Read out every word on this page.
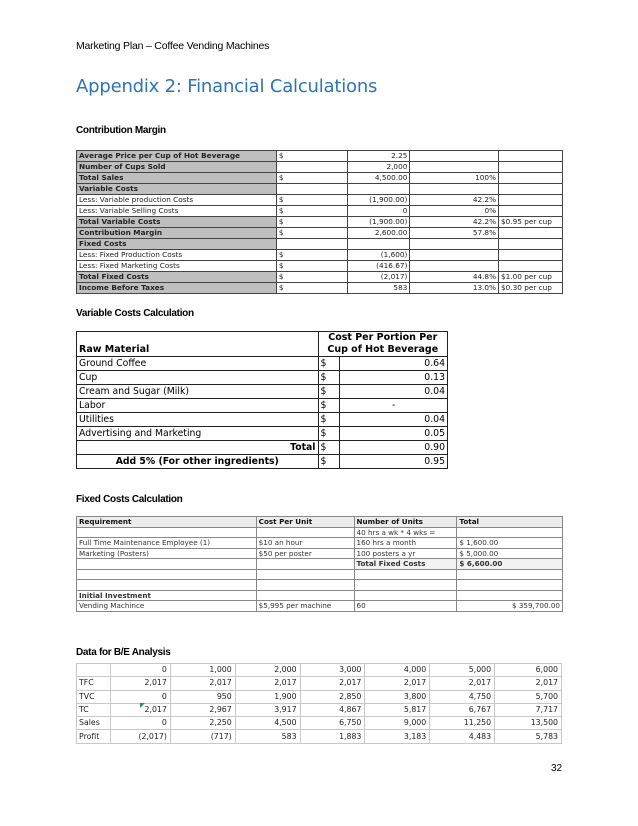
Marketing Plan – Coffee Vending Machines
Appendix 2: Financial Calculations
Contribution Margin
Average Price per Cup of Hot Beverage	$	2.25		
Number of Cups Sold		2,000		
Total Sales	$	4,500.00	100%	
Variable Costs				
Less: Variable production Costs	$	(1,900.00)	42.2%	
Less: Variable Selling Costs	$	0	0%	
Total Variable Costs	$	(1,900.00)	42.2%	$0.95 per cup
Contribution Margin	$	2,600.00	57.8%	
Fixed Costs				
Less: Fixed Production Costs	$	(1,600)		
Less: Fixed Marketing Costs	$	(416.67)		
Total Fixed Costs	$	(2,017)	44.8%	$1.00 per cup
Income Before Taxes	$	583	13.0%	$0.30 per cup
Variable Costs Calculation
Raw Material	Cost Per Portion Per Cup of Hot Beverage	
Ground Coffee	$	0.64
Cup	$	0.13
Cream and Sugar (Milk)	$	0.04
Labor	$	-
Utilities	$	0.04
Advertising and Marketing	$	0.05
Total	$	0.90
Add 5% (For other ingredients)	$	0.95
Fixed Costs Calculation
Requirement	Cost Per Unit	Number of Units	Total
		40 hrs a wk * 4 wks =	
Full Time Maintenance Employee (1)	$10 an hour	160 hrs a month	$ 1,600.00
Marketing (Posters)	$50 per poster	100 posters a yr	$ 5,000.00
		Total Fixed Costs	$ 6,600.00

Initial Investment			
Vending Machince	$5,995 per machine	60	$ 359,700.00
Data for B/E Analysis
	0	1,000	2,000	3,000	4,000	5,000	6,000
TFC	2,017	2,017	2,017	2,017	2,017	2,017	2,017
TVC	0	950	1,900	2,850	3,800	4,750	5,700
TC	2,017	2,967	3,917	4,867	5,817	6,767	7,717
Sales	0	2,250	4,500	6,750	9,000	11,250	13,500
Profit	(2,017)	(717)	583	1,883	3,183	4,483	5,783
32
